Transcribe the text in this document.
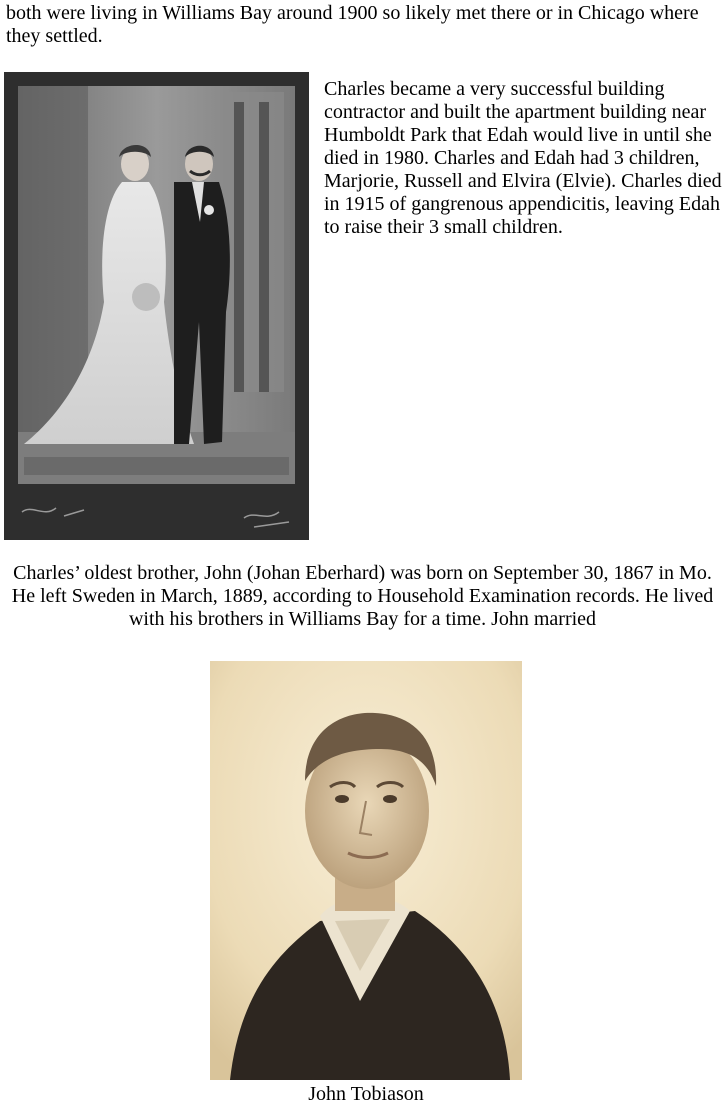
both were living in Williams Bay around 1900 so likely met there or in Chicago where they settled.
Charles became a very successful building contractor and built the apartment building near Humboldt Park that Edah would live in until she died in 1980. Charles and Edah had 3 children, Marjorie, Russell and Elvira (Elvie). Charles died in 1915 of gangrenous appendicitis, leaving Edah to raise their 3 small children.
Charles’ oldest brother, John (Johan Eberhard) was born on September 30, 1867 in Mo. He left Sweden in March, 1889, according to Household Examination records. He lived with his brothers in Williams Bay for a time. John married
John Tobiason
